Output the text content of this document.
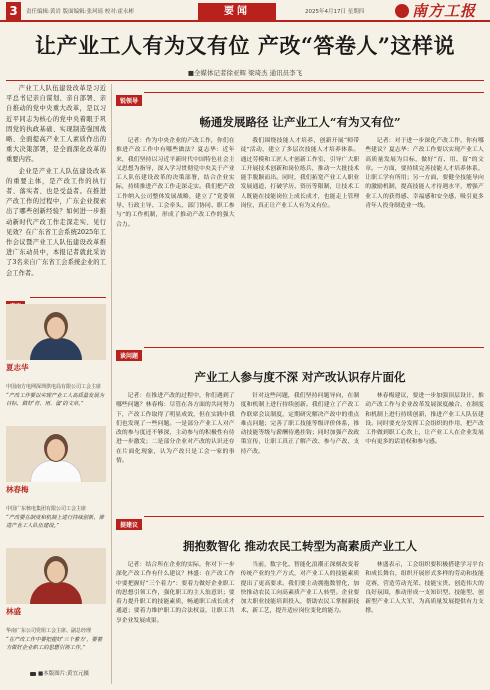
3	责任编辑:黄岩 版面编辑:张珂瑶 校对:霍永彬	要闻	2025年4月17日 星期四	南方工报
让产业工人有为又有位 产改“答卷人”这样说
■全媒体记者徐亚辉 梁琦杰 通讯员李飞

产业工人队伍建设改革是习近平总书记亲自谋划、亲自部署、亲自推动的党中央重大改革，是以习近平同志为核心的党中央着眼于巩固党的执政基础、实现制造强国战略、全面提高产业工人素质作出的重大决策部署，是全面深化改革的重要内容。

企业是产业工人队伍建设改革的重要主体，是产改工作的执行者、落实者、也是受益者。在推进产改工作的过程中，广东企业探索出了哪些创新经验？如何进一步推动新时代产改工作走深走实、见行见效？在广东省工会系统2025年工作会议暨产业工人队伍建设改革推进广东动员中，本报记者就此采访了3名来自广东省工会系统企业的工会工作者。

夏志华
中国南方电网深圳供电局有限公司工会主席
“产改工作要以实现产业工人高质量发展为目标，做好‘育、用、留’的文章。”
林春梅
中国广东核电集团有限公司工会主席
“产改要在制度和机制上进行持续创新，推进产业工人队伍建设。”
林盛
华南广东公司党组工会主席、副总经理
“在产改工作中要把握好‘三个着力’，要着力做好企业职工的思想引领工作。”
■本版图片:黄宜元摄
锐领导
畅通发展路径 让产业工人“有为又有位”

记者：作为中央企业的产改工作，你们在推进产改工作中有哪些做法？夏志华：近年来，我们坚持以习近平新时代中国特色社会主义思想为指导，深入学习贯彻党中央关于产业工人队伍建设改革的决策部署，结合企业实际，持续推进产改工作走深走实。我们把产改工作纳入公司整体发展战略，建立了“党委领导、行政主导、工会牵头、部门协同、职工参与”的工作机制，形成了推动产改工作的强大合力。

我们围绕技能人才培养，创新开展“师带徒”活动，建立了多层次技能人才培养体系。通过劳模和工匠人才创新工作室，引导广大职工开展技术创新和岗位练兵，推动一大批技术能手脱颖而出。同时，我们拓宽产业工人职业发展通道，打破学历、资历等限制，让技术工人既能在技能岗位上成长成才，也能走上管理岗位，真正让产业工人有为又有位。

记者：对于进一步深化产改工作，你有哪些建议？夏志华：产改工作要以实现产业工人高质量发展为目标，做好“育、用、留”的文章。一方面，要持续完善技能人才培养体系，让职工学有所用；另一方面，要健全技能导向的激励机制，提高技能人才待遇水平，增强产业工人的获得感、幸福感和安全感，吸引更多青年人投身制造业一线。

谈问题
产业工人参与度不深 对产改认识存片面化

记者：在推进产改的过程中，你们遇到了哪些问题？林春梅：尽管在各方面的共同努力下，产改工作取得了明显成效，但在实践中我们也发现了一些问题。一是部分产业工人对产改的参与度还不够深，主动参与的积极性有待进一步激发；二是部分企业对产改的认识还存在片面化现象，认为产改只是工会一家的事情。

针对这些问题，我们坚持问题导向，在制度和机制上进行持续创新。我们建立了产改工作联席会议制度，定期研究解决产改中的重点难点问题；完善了职工技能等级评价体系，推动技能等级与薪酬待遇挂钩；同时加强产改政策宣传，让职工真正了解产改、参与产改、支持产改。

林春梅建议，要进一步加强顶层设计，推动产改工作与企业改革发展深度融合，在制度和机制上进行持续创新，推进产业工人队伍建设。同时要充分发挥工会组织的作用，把产改工作做到职工心坎上，让产业工人在企业发展中有更多的话语权和参与感。

提建议
拥抱数智化 推动农民工转型为高素质产业工人

记者：结合所在企业的实际，你对下一步深化产改工作有什么建议？林盛：在产改工作中要把握好“三个着力”：要着力做好企业职工的思想引领工作，强化职工的主人翁意识；要着力提升职工的技能素质，畅通职工成长成才通道；要着力维护职工的合法权益，让职工共享企业发展成果。

当前，数字化、智能化浪潮正深刻改变着传统产业的生产方式，对产业工人的技能素质提出了更高要求。我们要主动拥抱数智化，加快推动农民工向高素质产业工人转型。企业要加大职业技能培训投入，帮助农民工掌握新技术、新工艺，提升适应岗位变化的能力。

林盛表示，工会组织要积极搭建学习平台和成长舞台，组织开展形式多样的劳动和技能竞赛，营造劳动光荣、技能宝贵、创造伟大的良好氛围，推动形成一支知识型、技能型、创新型产业工人大军，为高质量发展提供有力支撑。
